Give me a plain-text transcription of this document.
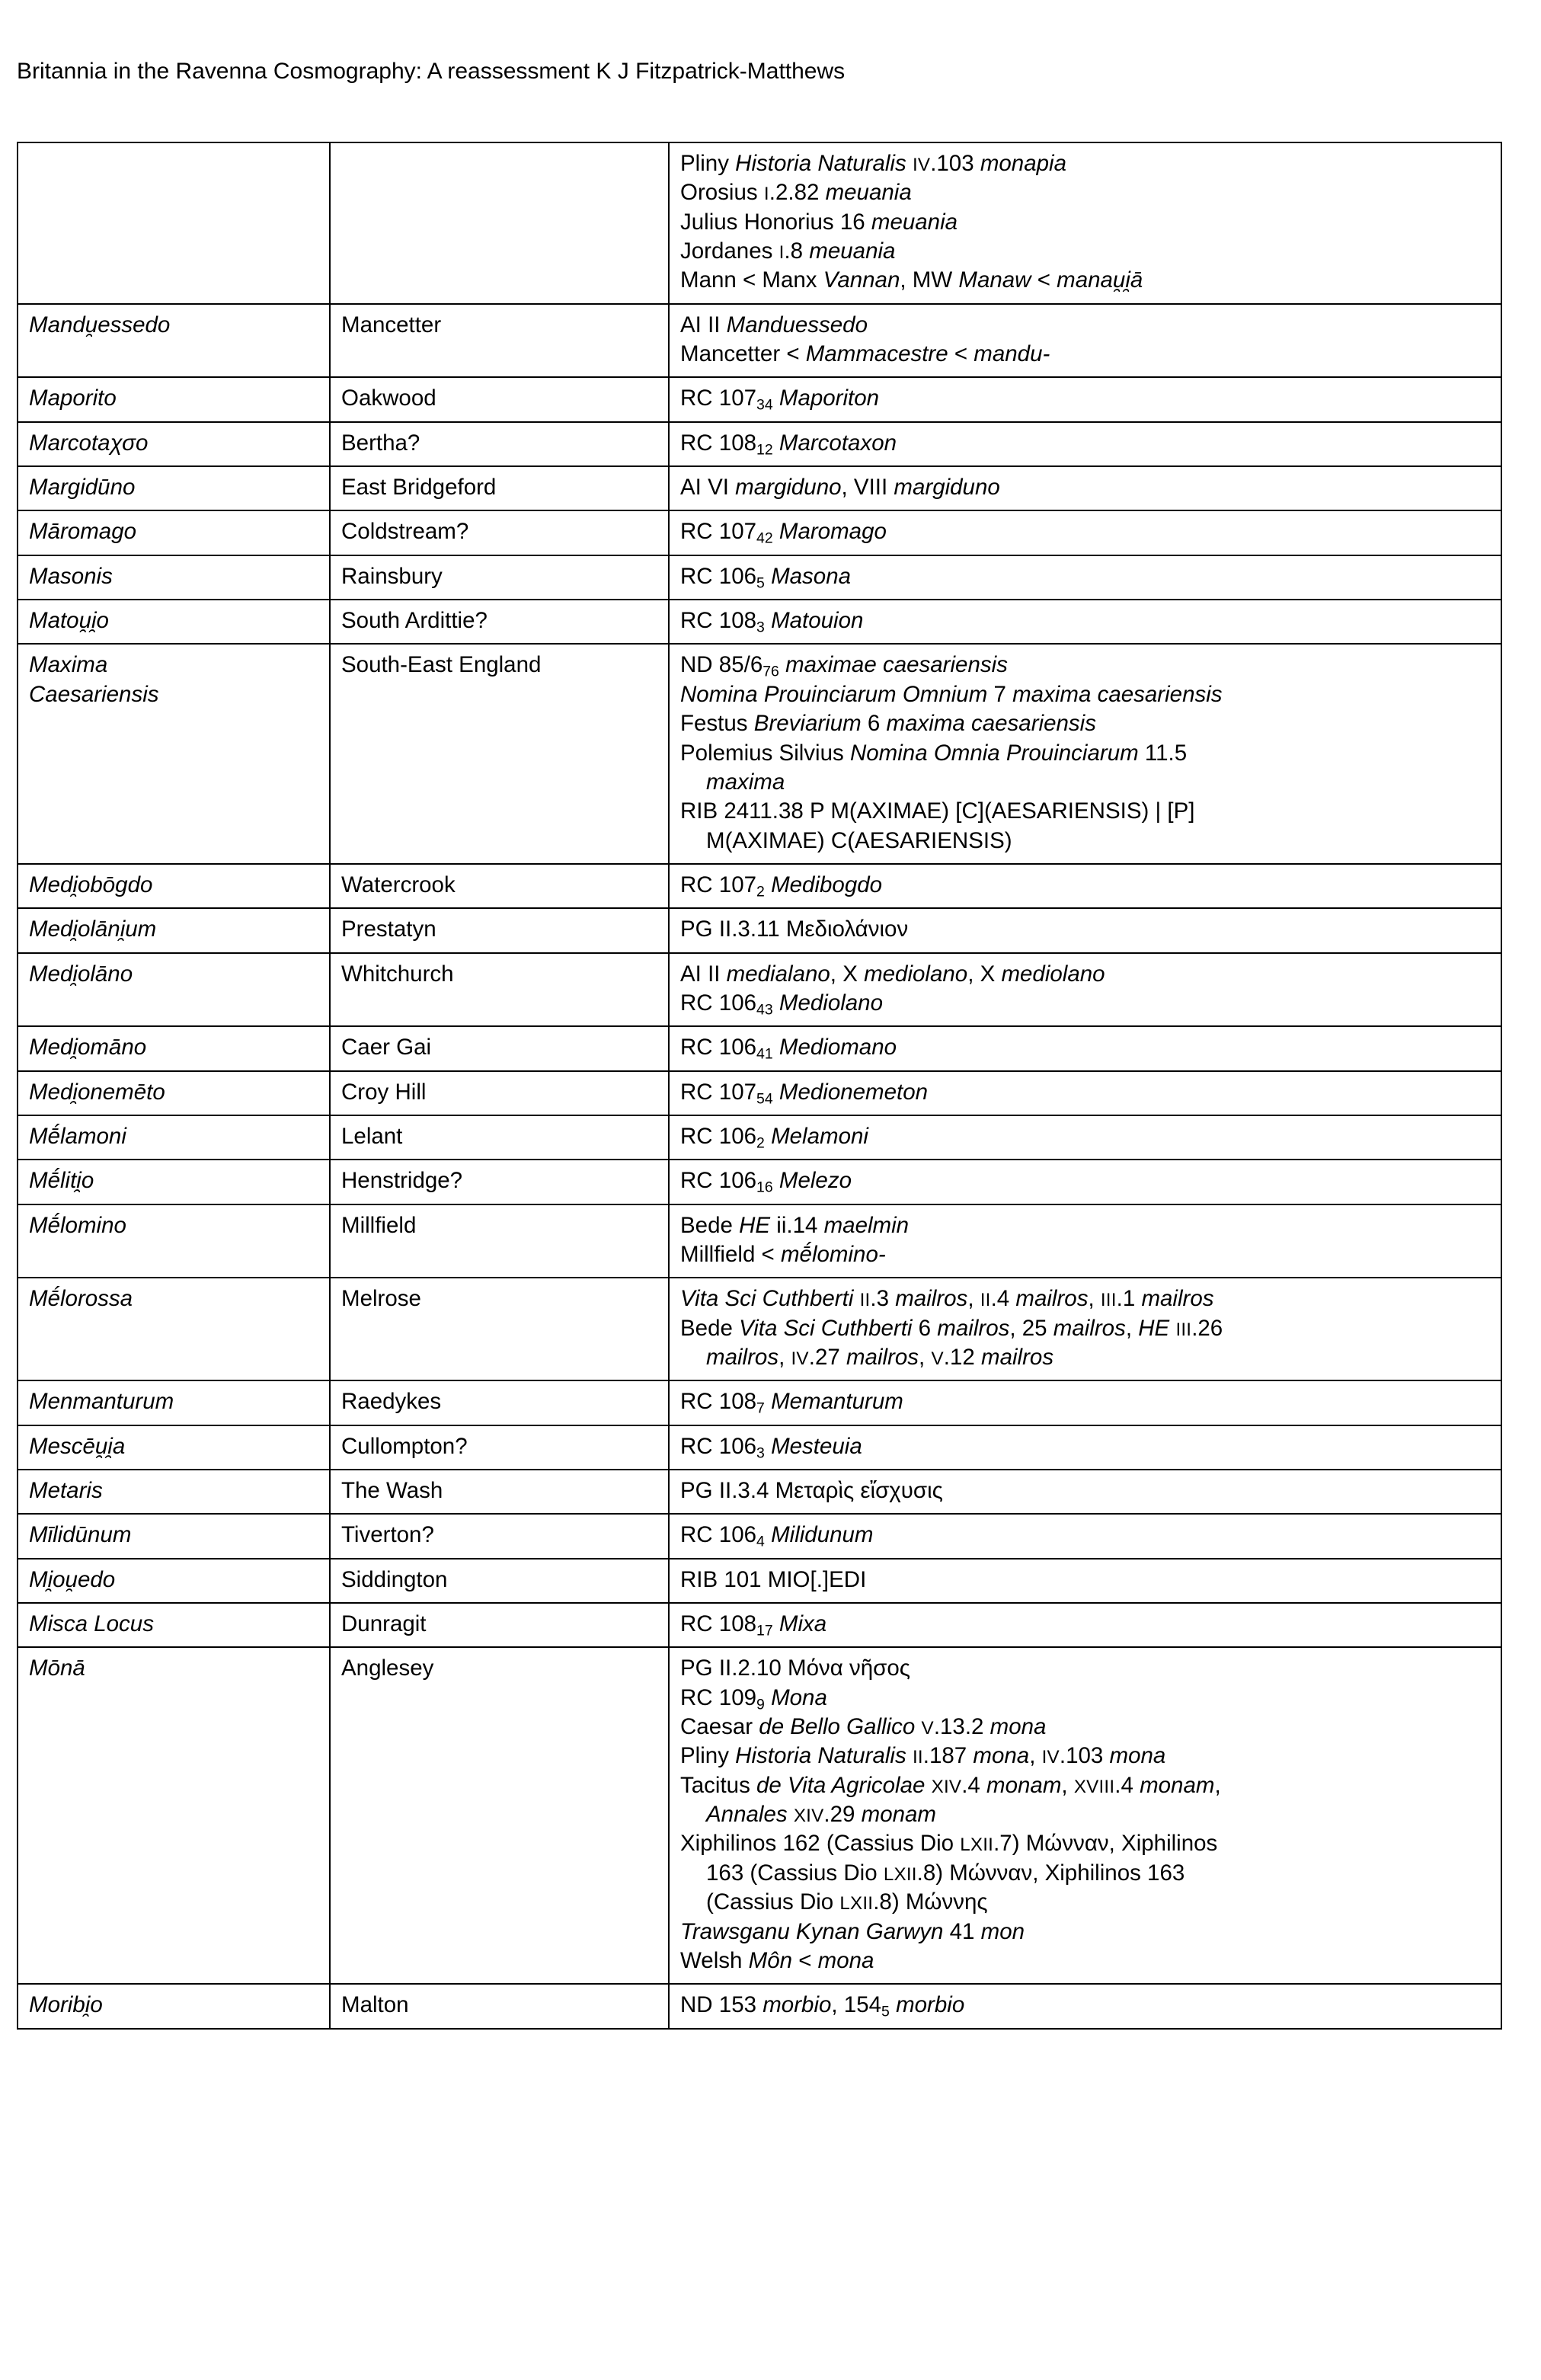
Britannia in the Ravenna Cosmography: A reassessment K J Fitzpatrick-Matthews

		Pliny Historia Naturalis IV.103 monapia
Orosius I.2.82 meuania
Julius Honorius 16 meuania
Jordanes I.8 meuania
Mann < Manx Vannan, MW Manaw < manau̯i̯ā

Mandu̯essedo	Mancetter	AI II Manduessedo
Mancetter < Mammacestre < mandu-

Maporito	Oakwood	RC $107_{34}$ Maporiton

Marcotaχσo	Bertha?	RC $108_{12}$ Marcotaxon

Margidūno	East Bridgeford	AI VI margiduno, VIII margiduno

Māromago	Coldstream?	RC $107_{42}$ Maromago

Masonis	Rainsbury	RC $106_5$ Masona

Matou̯i̯o	South Ardittie?	RC $108_3$ Matouion

Maxima
Caesariensis	South-East England	ND $85/6_{76}$ maximae caesariensis
Nomina Prouinciarum Omnium 7 maxima caesariensis
Festus Breviarium 6 maxima caesariensis
Polemius Silvius Nomina Omnia Prouinciarum 11.5
maxima
RIB 2411.38 P M(AXIMAE) [C](AESARIENSIS) | [P]
M(AXIMAE) C(AESARIENSIS)

Medi̯obōgdo	Watercrook	RC $107_2$ Medibogdo

Medi̯olāni̯um	Prestatyn	PG II.3.11 Μεδιολάνιον

Medi̯olāno	Whitchurch	AI II medialano, X mediolano, X mediolano
RC $106_{43}$ Mediolano

Medi̯omāno	Caer Gai	RC $106_{41}$ Mediomano

Medi̯onemēto	Croy Hill	RC $107_{54}$ Medionemeton

Mḗlamoni	Lelant	RC $106_2$ Melamoni

Mḗliti̯o	Henstridge?	RC $106_{16}$ Melezo

Mḗlomino	Millfield	Bede HE ii.14 maelmin
Millfield < mḗlomino-

Mḗlorossa	Melrose	Vita Sci Cuthberti II.3 mailros, II.4 mailros, III.1 mailros
Bede Vita Sci Cuthberti 6 mailros, 25 mailros, HE III.26
mailros, IV.27 mailros, V.12 mailros

Menmanturum	Raedykes	RC $108_7$ Memanturum

Mescēu̯i̯a	Cullompton?	RC $106_3$ Mesteuia

Metaris	The Wash	PG II.3.4 Μεταρὶς εἴσχυσις

Mīlidūnum	Tiverton?	RC $106_4$ Milidunum

Mi̯ou̯edo	Siddington	RIB 101 MIO[.]EDI

Misca Locus	Dunragit	RC $108_{17}$ Mixa

Mōnā	Anglesey	PG II.2.10 Μόνα νῆσος
RC $109_9$ Mona
Caesar de Bello Gallico V.13.2 mona
Pliny Historia Naturalis II.187 mona, IV.103 mona
Tacitus de Vita Agricolae XIV.4 monam, XVIII.4 monam,
Annales XIV.29 monam
Xiphilinos 162 (Cassius Dio LXII.7) Μώνναν, Xiphilinos
163 (Cassius Dio LXII.8) Μώνναν, Xiphilinos 163
(Cassius Dio LXII.8) Μώννης
Trawsganu Kynan Garwyn 41 mon
Welsh Môn < mona

Moribi̯o	Malton	ND 153 morbio, $154_5$ morbio
